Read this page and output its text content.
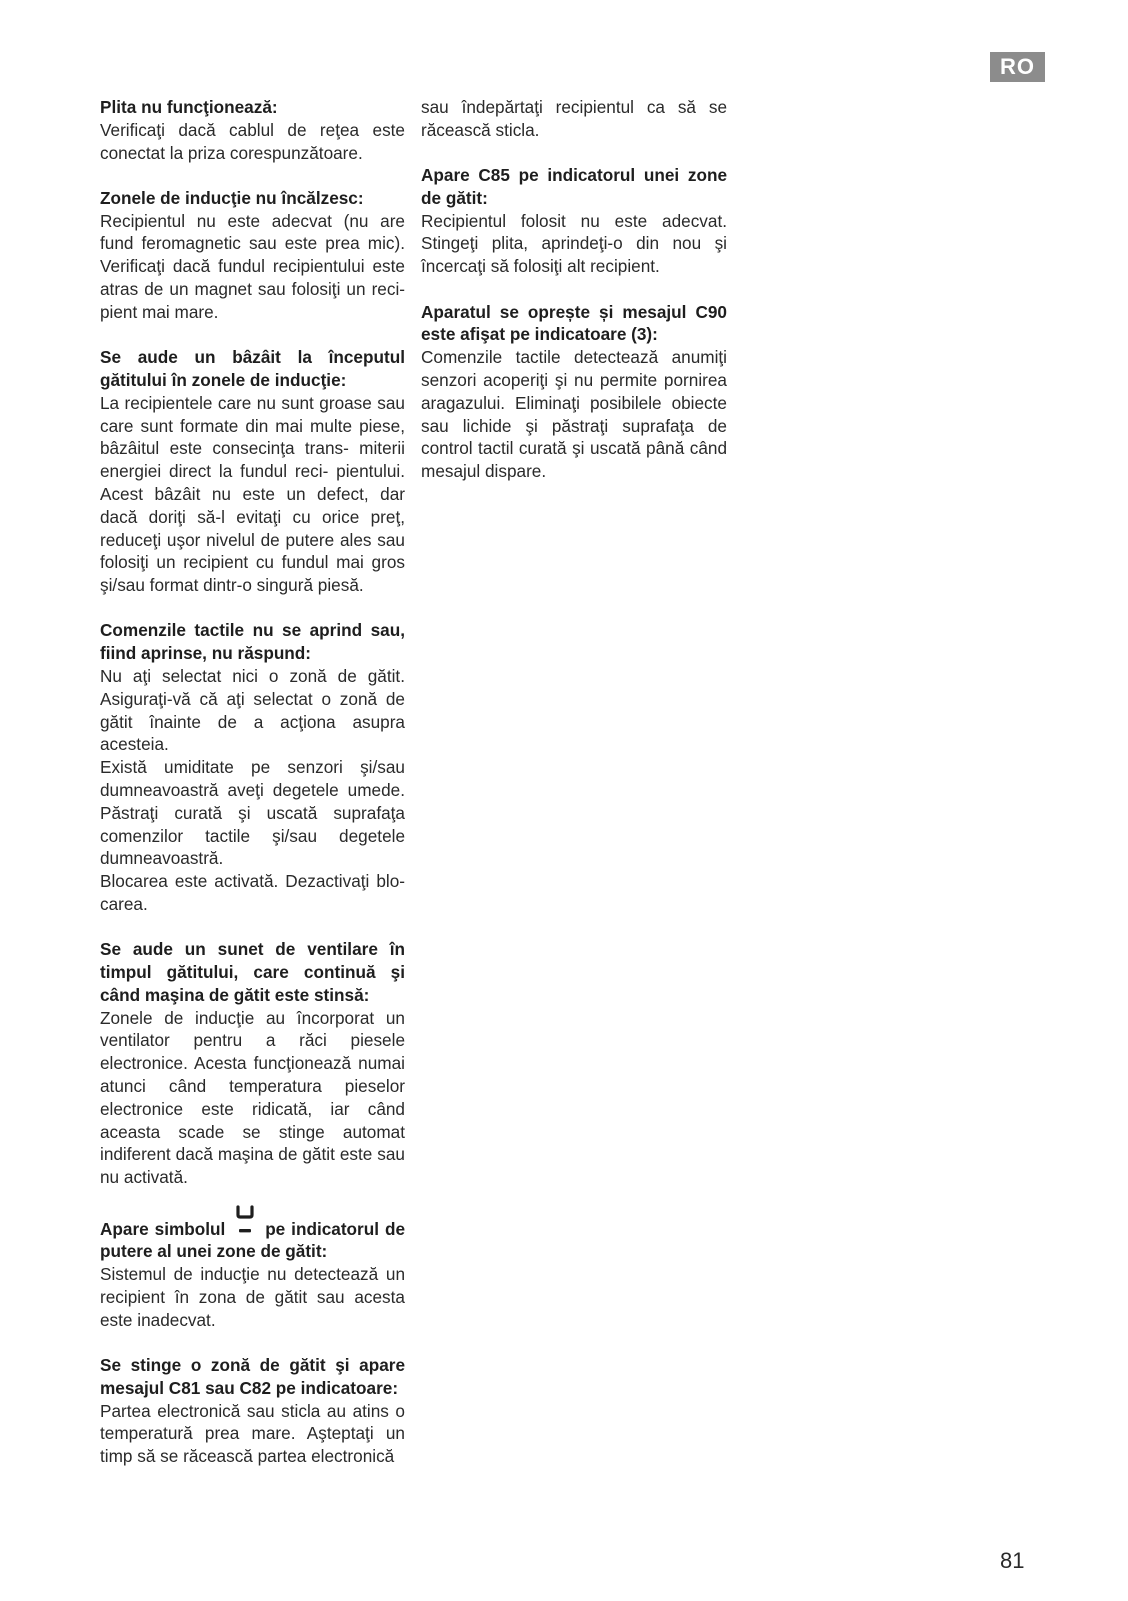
RO
Plita nu funcţionează:

Verificaţi dacă cablul de reţea este conectat la priza corespunzătoare.

Zonele de inducţie nu încălzesc:

Recipientul nu este adecvat (nu are fund feromagnetic sau este prea mic). Verificaţi dacă fundul recipientului este atras de un magnet sau folosiţi un reci- pient mai mare.

Se aude un bâzâit la începutul gătitului în zonele de inducţie:

La recipientele care nu sunt groase sau care sunt formate din mai multe piese, bâzâitul este consecinţa trans- miterii energiei direct la fundul reci- pientului. Acest bâzâit nu este un defect, dar dacă doriţi să-l evitaţi cu orice preţ, reduceţi uşor nivelul de putere ales sau folosiţi un recipient cu fundul mai gros şi/sau format dintr-o singură piesă.

Comenzile tactile nu se aprind sau, fiind aprinse, nu răspund:

Nu aţi selectat nici o zonă de gătit. Asiguraţi-vă că aţi selectat o zonă de gătit înainte de a acţiona asupra acesteia.

Există umiditate pe senzori şi/sau dumneavoastră aveţi degetele umede. Păstraţi curată şi uscată suprafaţa comenzilor tactile şi/sau degetele dumneavoastră.

Blocarea este activată. Dezactivaţi blo- carea.

Se aude un sunet de ventilare în timpul gătitului, care continuă şi când maşina de gătit este stinsă:

Zonele de inducţie au încorporat un ventilator pentru a răci piesele electronice. Acesta funcţionează numai atunci când temperatura pieselor electronice este ridicată, iar când aceasta scade se stinge automat indiferent dacă maşina de gătit este sau nu activată.

Apare simbolul pe indicatorul de putere al unei zone de gătit:

Sistemul de inducţie nu detectează un recipient în zona de gătit sau acesta este inadecvat.

Se stinge o zonă de gătit şi apare mesajul C81 sau C82 pe indicatoare:

Partea electronică sau sticla au atins o temperatură prea mare. Aşteptaţi un timp să se răcească partea electronică

sau îndepărtaţi recipientul ca să se răcească sticla.

Apare C85 pe indicatorul unei zone de gătit:

Recipientul folosit nu este adecvat. Stingeţi plita, aprindeţi-o din nou şi încercaţi să folosiţi alt recipient.

Aparatul se oprește și mesajul C90 este afişat pe indicatoare (3):

Comenzile tactile detectează anumiţi senzori acoperiţi şi nu permite pornirea aragazului. Eliminaţi posibilele obiecte sau lichide şi păstraţi suprafaţa de control tactil curată şi uscată până când mesajul dispare.

81
